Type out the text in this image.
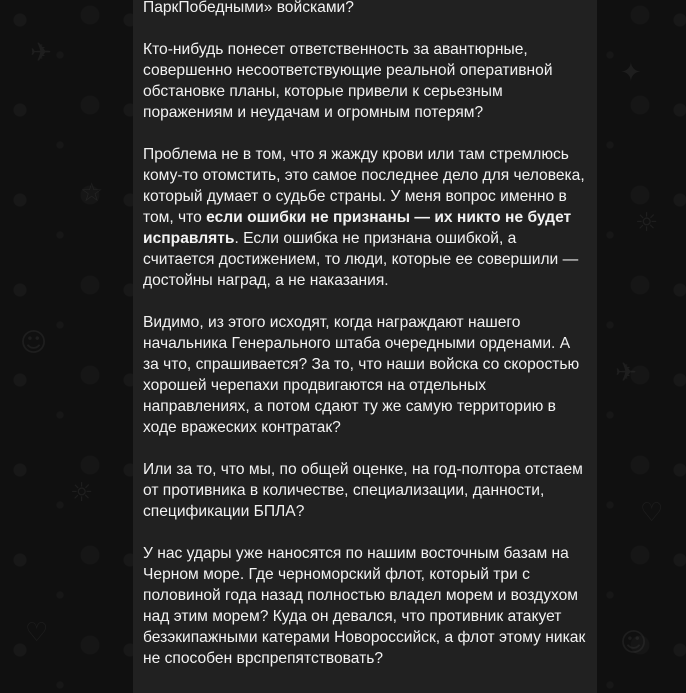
✈
☆
☺
☼
♡
✦
☼
✈
♡
☺

ПаркПобедными» войсками?

Кто-нибудь понесет ответственность за авантюрные, совершенно несоответствующие реальной оперативной обстановке планы, которые привели к серьезным поражениям и неудачам и огромным потерям?

Проблема не в том, что я жажду крови или там стремлюсь кому-то отомстить, это самое последнее дело для человека, который думает о судьбе страны. У меня вопрос именно в том, что если ошибки не признаны — их никто не будет исправлять. Если ошибка не признана ошибкой, а считается достижением, то люди, которые ее совершили — достойны наград, а не наказания.

Видимо, из этого исходят, когда награждают нашего начальника Генерального штаба очередными орденами. А за что, спрашивается? За то, что наши войска со скоростью хорошей черепахи продвигаются на отдельных направлениях, а потом сдают ту же самую территорию в ходе вражеских контратак?

Или за то, что мы, по общей оценке, на год-полтора отстаем от противника в количестве, специализации, данности, спецификации БПЛА?

У нас удары уже наносятся по нашим восточным базам на Черном море. Где черноморский флот, который три с половиной года назад полностью владел морем и воздухом над этим морем? Куда он девался, что противник атакует безэкипажными катерами Новороссийск, а флот этому никак не способен врспрепятствовать?
